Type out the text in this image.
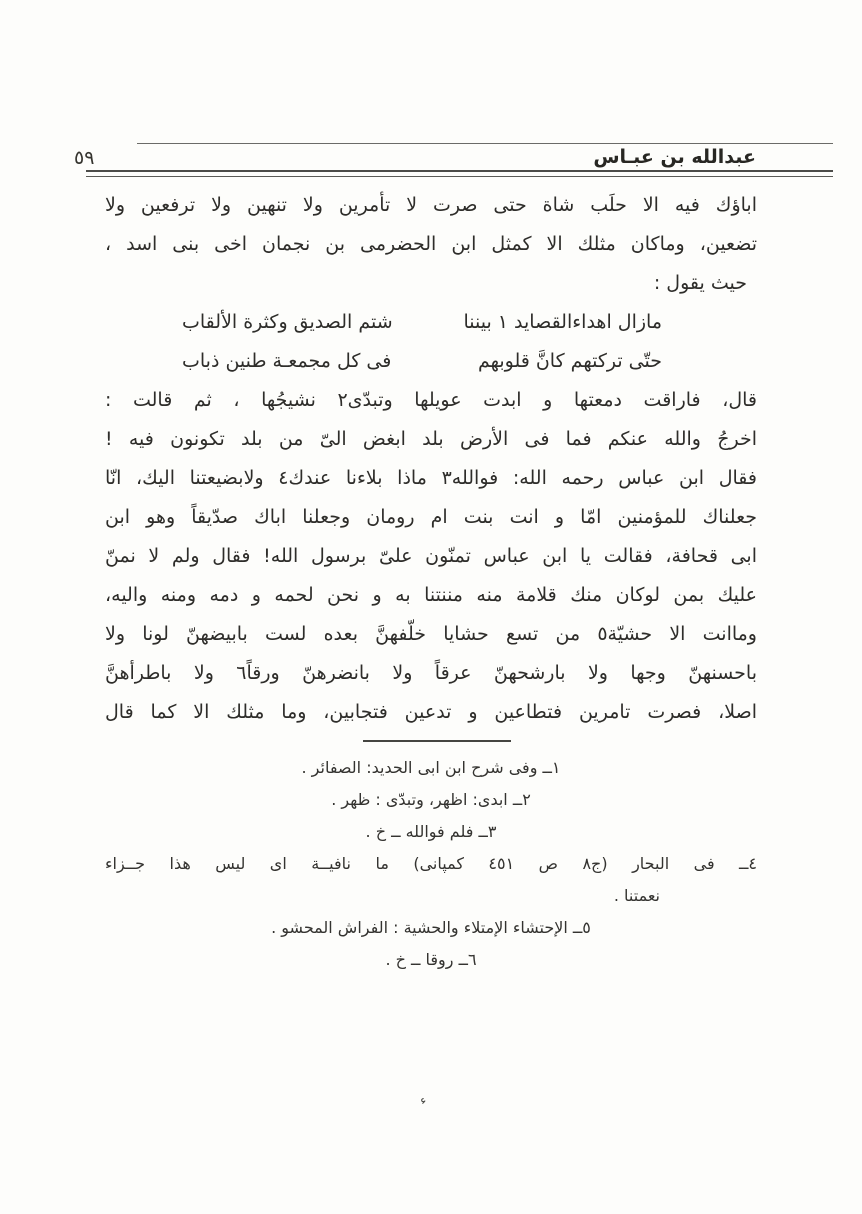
٥٩	عبدالله بن عبـاس
اباؤك فيه الا حلَب شاة حتى صرت لا تأمرين ولا تنهين ولا ترفعين ولا
تضعين، وماكان مثلك الا كمثل ابن الحضرمى بن نجمان اخى بنى اسد ،
حيث يقول :
مازال اهداءالقصايد ١ بيننا
شتم الصديق وكثرة الألقاب
حتّى تركتهم كانَّ قلوبهم
فى كل مجمعـة طنين ذباب
قال، فاراقت دمعتها و ابدت عويلها وتبدّى٢ نشيجُها ، ثم قالت :
اخرجُ والله عنكم فما فى الأرض بلد ابغض الىّ من بلد تكونون فيه !
فقال ابن عباس رحمه الله: فوالله٣ ماذا بلاءنا عندك٤ ولابضيعتنا اليك، انّا
جعلناك للمؤمنين امّا و انت بنت ام رومان وجعلنا اباك صدّيقاً وهو ابن
ابى قحافة، فقالت يا ابن عباس تمنّون علىّ برسول الله! فقال ولم لا نمنّ
عليك بمن لوكان منك قلامة منه مننتنا به و نحن لحمه و دمه ومنه واليه،
وماانت الا حشيّة٥ من تسع حشايا خلّفهنَّ بعده لست بابيضهنّ لونا ولا
باحسنهنّ وجها ولا بارشحهنّ عرقاً ولا بانضرهنّ ورقاً٦ ولا باطرأهنَّ
اصلا، فصرت تامرين فتطاعين و تدعين فتجابين، وما مثلك الا كما قال
١ــ وفى شرح ابن ابى الحديد: الصفائر .
٢ــ ابدى: اظهر، وتبدّى : ظهر .
٣ــ فلم فوالله ــ خ .
٤ــ فى البحار (ج٨ ص ٤٥١ كمپانى) ما نافيــة اى ليس هذا جــزاء
نعمتنا .
٥ــ الإحتشاء الإمتلاء والحشية : الفراش المحشو .
٦ــ روقا ــ خ .
ء
